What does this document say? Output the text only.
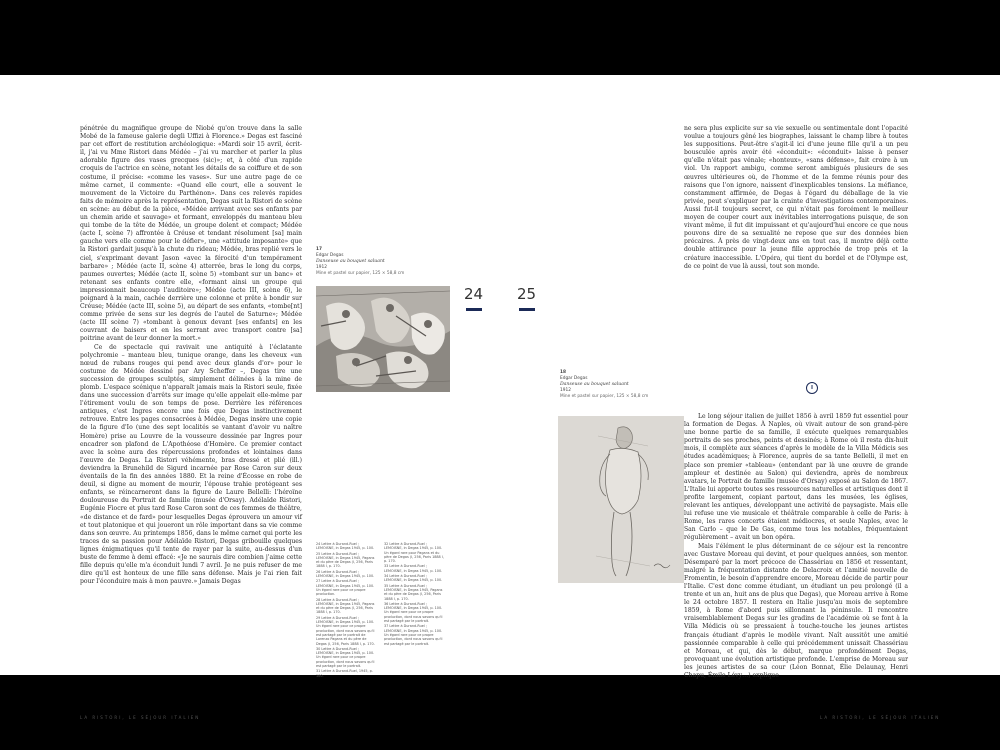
pénétrée du magnifique groupe de Niobé qu'on trouve dans la salle Mobé de la fameuse galerie degli Uffizi à Florence.» Degas est fasciné par cet effort de restitution archéologique: «Mardi soir 15 avril, écrit-il, j'ai vu Mme Ristori dans Médée – j'ai vu marcher et parler la plus adorable figure des vases grecques (sic)»; et, à côté d'un rapide croquis de l'actrice en scène, notant les détails de sa coiffure et de son costume, il précise: «comme les vases». Sur une autre page de ce même carnet, il commente: «Quand elle court, elle a souvent le mouvement de la Victoire du Parthénon». Dans ces relevés rapides faits de mémoire après la représentation, Degas suit la Ristori de scène en scène: au début de la pièce, «Médée arrivant avec ses enfants par un chemin aride et sauvage» et formant, enveloppés du manteau bleu qui tombe de la tête de Médée, un groupe dolent et compact; Médée (acte I, scène 7) affrontée à Créuse et tendant résolument [sa] main gauche vers elle comme pour le défier», une «attitude imposante» que la Ristori gardait jusqu'à la chute du rideau; Médée, bras replié vers le ciel, s'exprimant devant Jason «avec la férocité d'un tempérament barbare» ; Médée (acte II, scène 4) atterrée, bras le long du corps, paumes ouvertes; Médée (acte II, scène 5) «tombant sur un banc» et retenant ses enfants contre elle, «formant ainsi un groupe qui impressionnait beaucoup l'auditoire»; Médée (acte III, scène 6), le poignard à la main, cachée derrière une colonne et prête à bondir sur Créuse; Médée (acte III, scène 5), au départ de ses enfants, «tombe[nt] comme privée de sens sur les degrés de l'autel de Saturne»; Médée (acte III scène 7) «tombant à genoux devant [ses enfants] en les couvrant de baisers et en les serrant avec transport contre [sa] poitrine avant de leur donner la mort.»

Ce de spectacle qui ravivait une antiquité à l'éclatante polychromie – manteau bleu, tunique orange, dans les cheveux «un nœud de rubans rouges qui pend avec deux glands d'or» pour le costume de Médée dessiné par Ary Scheffer –, Degas tire une succession de groupes sculptés, simplement délinées à la mine de plomb. L'espace scénique n'apparaît jamais mais la Ristori seule, fixée dans une succession d'arrêts sur image qu'elle appelait elle-même par l'étirement voulu de son temps de pose. Derrière les références antiques, c'est Ingres encore une fois que Degas instinctivement retrouve. Entre les pages consacrées à Médée, Degas insère une copie de la figure d'Io (une des sept localités se vantant d'avoir vu naître Homère) prise au Louvre de la vousseure dessinée par Ingres pour encadrer son plafond de L'Apothéose d'Homère. Ce premier contact avec la scène aura des répercussions profondes et lointaines dans l'œuvre de Degas. La Ristori véhémente, bras dressé et plié (ill.) deviendra la Brunehild de Sigurd incarnée par Rose Caron sur deux éventails de la fin des années 1880. Et la reine d'Écosse en robe de deuil, si digne au moment de mourir, l'épouse trahie protégeant ses enfants, se réincarneront dans la figure de Laure Bellelli: l'héroïne douloureuse du Portrait de famille (musée d'Orsay). Adélaïde Ristori, Eugénie Fiocre et plus tard Rose Caron sont de ces femmes de théâtre, «de distance et de fard» pour lesquelles Degas éprouvera un amour vif et tout platonique et qui joueront un rôle important dans sa vie comme dans son œuvre. Au printemps 1856, dans le même carnet qui porte les traces de sa passion pour Adélaïde Ristori, Degas gribouille quelques lignes énigmatiques qu'il tente de rayer par la suite, au-dessus d'un buste de femme à demi effacé: «Je ne saurais dire combien j'aime cette fille depuis qu'elle m'a éconduit lundi 7 avril. Je ne puis refuser de me dire qu'il est honteux de une fille sans défense. Mais je l'ai rien fait pour l'éconduire mais à mon pauvre.» Jamais Degas

17
Edgar Degas
Danseuse au bouquet saluant
1912
Mine et pastel sur papier, 125 × 58,8 cm
24 Lettre à Durand-Ruel ; LEMOISNE, in Degas 1945, p. 100.
25 Lettre à Durand-Ruel ; LEMOISNE, in Degas 1945, Pagans et du père de Degas (I, 256, Paris 1888 I, p. 170.
26 Lettre à Durand-Ruel ; LEMOISNE, in Degas 1945, p. 100.
27 Lettre à Durand-Ruel ; LEMOISNE, in Degas 1945, p. 100. Un égard rare pour ce propre production.
28 Lettre à Durand-Ruel ; LEMOISNE, in Degas 1945, Pagans et du père de Degas (I, 256, Paris 1888 I, p. 170.
29 Lettre à Durand-Ruel ; LEMOISNE, in Degas 1945, p. 100. Un égard rare pour ce propre production, dont nous savons qu'il est partagé par le portrait de Lorenzo Pagans et du père de Degas (I, 256, Paris 1888 I, p. 170.
30 Lettre à Durand-Ruel ; LEMOISNE, in Degas 1945, p. 100. Un égard rare pour ce propre production, dont nous savons qu'il est partagé par le portrait.
31 Lettre à Durand-Ruel, 1945, p. 100.
32 Lettre à Durand-Ruel ; LEMOISNE, in Degas 1945, p. 100. Un égard rare pour Pagans et du père de Degas (I, 256, Paris 1888 I, p. 170.
33 Lettre à Durand-Ruel ; LEMOISNE, in Degas 1945, p. 100.
34 Lettre à Durand-Ruel ; LEMOISNE, in Degas 1945, p. 100.
35 Lettre à Durand-Ruel ; LEMOISNE, in Degas 1945, Pagans et du père de Degas (I, 256, Paris 1888 I, p. 170.
36 Lettre à Durand-Ruel ; LEMOISNE, in Degas 1945, p. 100. Un égard rare pour ce propre production, dont nous savons qu'il est partagé par le portrait.
37 Lettre à Durand-Ruel ; LEMOISNE, in Degas 1945, p. 100. Un égard rare pour ce propre production, dont nous savons qu'il est partagé par le portrait.
24 25
LA RISTORI, LE SÉJOUR ITALIEN
18
Edgar Degas
Danseuse au bouquet saluant
1912
Mine et pastel sur papier, 125 × 58,8 cm

ne sera plus explicite sur sa vie sexuelle ou sentimentale dont l'opacité voulue a toujours gêné les biographes, laissant le champ libre à toutes les suppositions. Peut-être s'agit-il ici d'une jeune fille qu'il a un peu bousculée après avoir été «éconduit»: «éconduit» laisse à penser qu'elle n'était pas vénale; «honteux», «sans défense», fait croire à un viol. Un rapport ambigu, comme seront ambigués plusieurs de ses œuvres ultérieures où, de l'homme et de la femme réunis pour des raisons que l'on ignore, naissent d'inexplicables tensions. La méfiance, constamment affirmée, de Degas à l'égard du déballage de la vie privée, peut s'expliquer par la crainte d'investigations contemporaines. Aussi fut-il toujours secret, ce qui n'était pas forcément le meilleur moyen de couper court aux inévitables interrogations puisque, de son vivant même, il fut dit impuissant et qu'aujourd'hui encore ce que nous pouvons dire de sa sexualité ne repose que sur des données bien précaires. À près de vingt-deux ans en tout cas, il montre déjà cette double attirance pour la jeune fille approchée de trop près et la créature inaccessible. L'Opéra, qui tient du bordel et de l'Olympe est, de ce point de vue là aussi, tout son monde.

II

Le long séjour italien de juillet 1856 à avril 1859 fut essentiel pour la formation de Degas. À Naples, où vivait autour de son grand-père une bonne partie de sa famille, il exécute quelques remarquables portraits de ses proches, peints et dessinés; à Rome où il resta dix-huit mois, il complète aux séances d'après le modèle de la Villa Médicis ses études académiques; à Florence, auprès de sa tante Bellelli, il met en place son premier «tableau» (entendant par là une œuvre de grande ampleur et destinée au Salon) qui deviendra, après de nombreux avatars, le Portrait de famille (musée d'Orsay) exposé au Salon de 1867. L'Italie lui apporte toutes ses ressources naturelles et artistiques dont il profite largement, copiant partout, dans les musées, les églises, relevant les antiques, développant une activité de paysagiste. Mais elle lui refuse une vie musicale et théâtrale comparable à celle de Paris: à Rome, les rares concerts étaient médiocres, et seule Naples, avec le San Carlo – que le De Gas, comme tous les notables, fréquentaient régulièrement – avait un bon opéra.

Mais l'élément le plus déterminant de ce séjour est la rencontre avec Gustave Moreau qui devint, et pour quelques années, son mentor. Désemparé par la mort précoce de Chassériau en 1856 et ressentant, malgré la fréquentation distante de Delacroix et l'amitié nouvelle de Fromentin, le besoin d'apprendre encore, Moreau décide de partir pour l'Italie. C'est donc comme étudiant, un étudiant un peu prolongé (il a trente et un an, huit ans de plus que Degas), que Moreau arrive à Rome le 24 octobre 1857. Il restera en Italie jusqu'au mois de septembre 1859, à Rome d'abord puis sillonnant la péninsule. Il rencontre vraisemblablement Degas sur les gradins de l'académie où se font à la Villa Médicis où se pressaient à touche-touche les jeunes artistes français étudiant d'après le modèle vivant. Naît aussitôt une amitié passionnée comparable à celle qui précédemment unissait Chassériau et Moreau, et qui, dès le début, marque profondément Degas, provoquant une évolution artistique profonde. L'emprise de Moreau sur les jeunes artistes de sa cour (Léon Bonnat, Élie Delaunay, Henri Chapu, Émile Lévy…) explique

LA RISTORI, LE SÉJOUR ITALIEN
